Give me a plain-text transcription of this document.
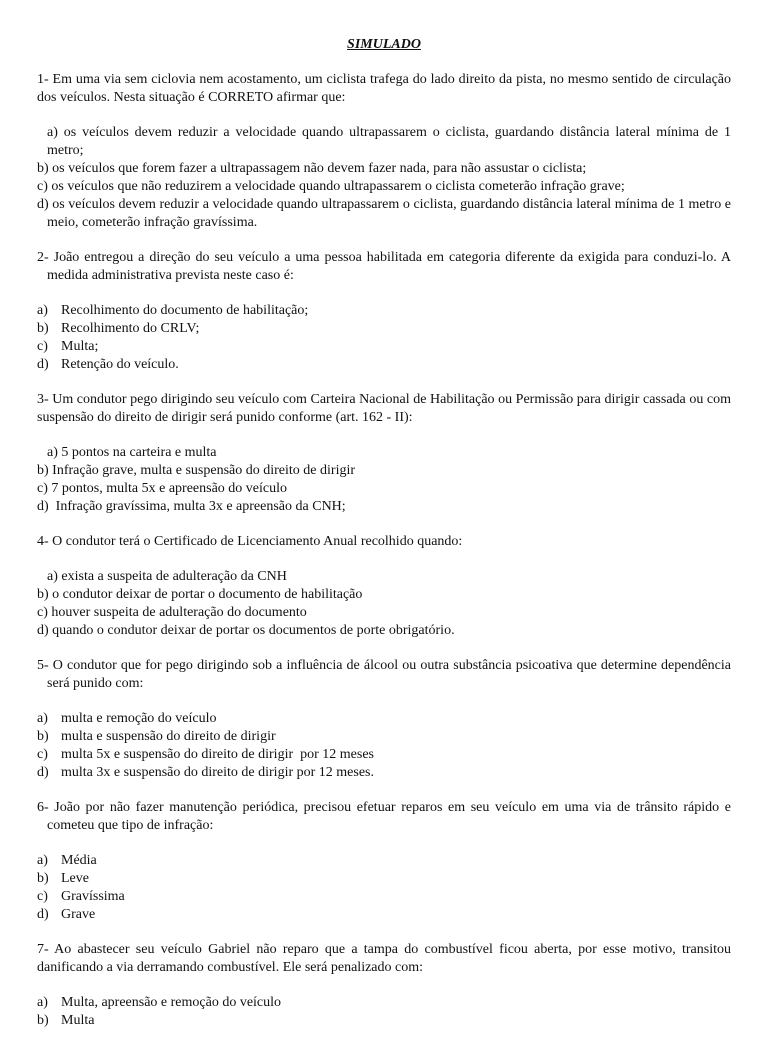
SIMULADO

1- Em uma via sem ciclovia nem acostamento, um ciclista trafega do lado direito da pista, no mesmo sentido de circulação dos veículos. Nesta situação é CORRETO afirmar que:

a) os veículos devem reduzir a velocidade quando ultrapassarem o ciclista, guardando distância lateral mínima de 1 metro;
b) os veículos que forem fazer a ultrapassagem não devem fazer nada, para não assustar o ciclista;
c) os veículos que não reduzirem a velocidade quando ultrapassarem o ciclista cometerão infração grave;
d) os veículos devem reduzir a velocidade quando ultrapassarem o ciclista, guardando distância lateral mínima de 1 metro e meio, cometerão infração gravíssima.

2- João entregou a direção do seu veículo a uma pessoa habilitada em categoria diferente da exigida para conduzi-lo. A medida administrativa prevista neste caso é:

a) Recolhimento do documento de habilitação;
b) Recolhimento do CRLV;
c) Multa;
d) Retenção do veículo.

3- Um condutor pego dirigindo seu veículo com Carteira Nacional de Habilitação ou Permissão para dirigir cassada ou com suspensão do direito de dirigir será punido conforme (art. 162 - II):

a) 5 pontos na carteira e multa
b) Infração grave, multa e suspensão do direito de dirigir
c) 7 pontos, multa 5x e apreensão do veículo
d)  Infração gravíssima, multa 3x e apreensão da CNH;

4- O condutor terá o Certificado de Licenciamento Anual recolhido quando:

a) exista a suspeita de adulteração da CNH
b) o condutor deixar de portar o documento de habilitação
c) houver suspeita de adulteração do documento
d) quando o condutor deixar de portar os documentos de porte obrigatório.

5- O condutor que for pego dirigindo sob a influência de álcool ou outra substância psicoativa que determine dependência será punido com:

a) multa e remoção do veículo
b) multa e suspensão do direito de dirigir
c) multa 5x e suspensão do direito de dirigir  por 12 meses
d) multa 3x e suspensão do direito de dirigir por 12 meses.

6- João por não fazer manutenção periódica, precisou efetuar reparos em seu veículo em uma via de trânsito rápido e cometeu que tipo de infração:

a) Média
b) Leve
c) Gravíssima
d) Grave

7- Ao abastecer seu veículo Gabriel não reparo que a tampa do combustível ficou aberta, por esse motivo, transitou danificando a via derramando combustível. Ele será penalizado com:

a) Multa, apreensão e remoção do veículo
b) Multa
